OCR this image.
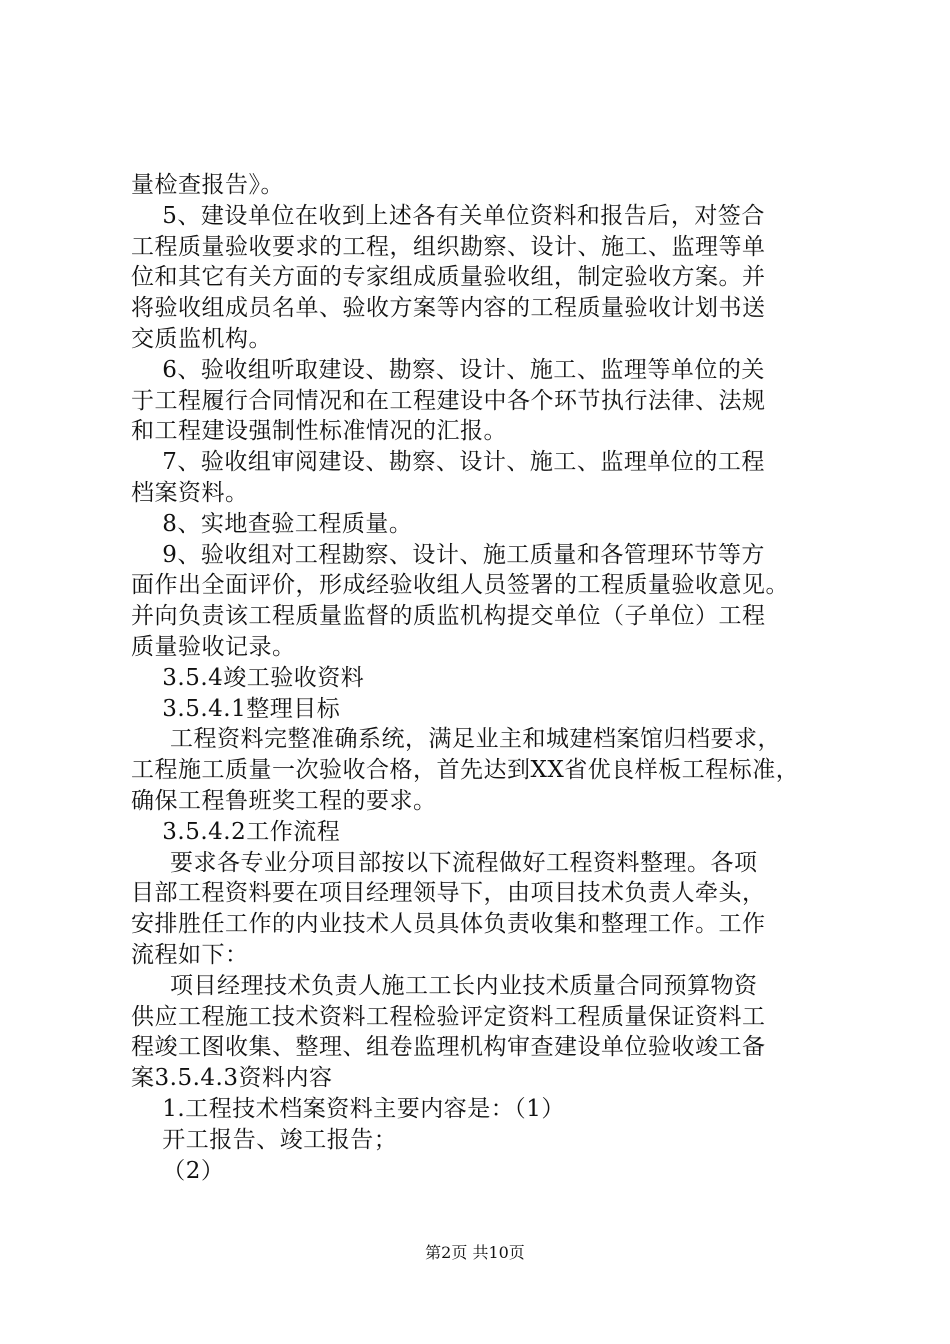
量检查报告》。
5、建设单位在收到上述各有关单位资料和报告后，对签合
工程质量验收要求的工程，组织勘察、设计、施工、监理等单
位和其它有关方面的专家组成质量验收组，制定验收方案。并
将验收组成员名单、验收方案等内容的工程质量验收计划书送
交质监机构。
6、验收组听取建设、勘察、设计、施工、监理等单位的关
于工程履行合同情况和在工程建设中各个环节执行法律、法规
和工程建设强制性标准情况的汇报。
7、验收组审阅建设、勘察、设计、施工、监理单位的工程
档案资料。
8、实地查验工程质量。
9、验收组对工程勘察、设计、施工质量和各管理环节等方
面作出全面评价，形成经验收组人员签署的工程质量验收意见。
并向负责该工程质量监督的质监机构提交单位（子单位）工程
质量验收记录。
3.5.4竣工验收资料
3.5.4.1整理目标
工程资料完整准确系统，满足业主和城建档案馆归档要求，
工程施工质量一次验收合格，首先达到XX省优良样板工程标准，
确保工程鲁班奖工程的要求。
3.5.4.2工作流程
要求各专业分项目部按以下流程做好工程资料整理。各项
目部工程资料要在项目经理领导下，由项目技术负责人牵头，
安排胜任工作的内业技术人员具体负责收集和整理工作。工作
流程如下：
项目经理技术负责人施工工长内业技术质量合同预算物资
供应工程施工技术资料工程检验评定资料工程质量保证资料工
程竣工图收集、整理、组卷监理机构审查建设单位验收竣工备
案3.5.4.3资料内容
1.工程技术档案资料主要内容是：（1）
开工报告、竣工报告；
（2）
第2页 共10页
